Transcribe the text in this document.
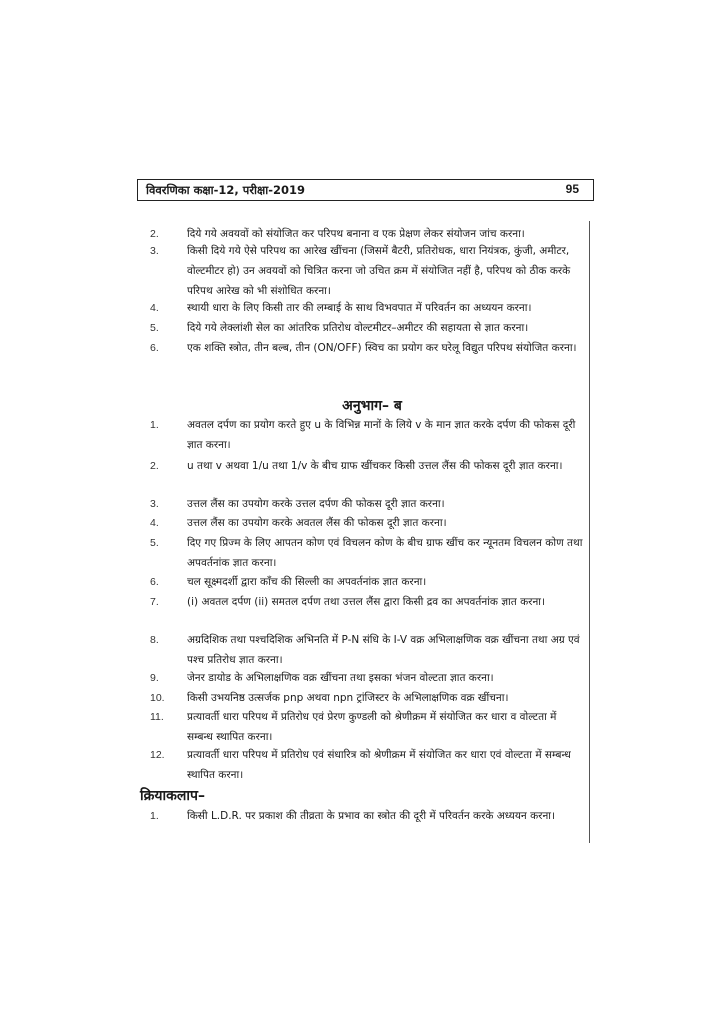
विवरणिका कक्षा-12, परीक्षा-2019	95
2.	दिये गये अवयवों को संयोजित कर परिपथ बनाना व एक प्रेक्षण लेकर संयोजन जांच करना।
3.	किसी दिये गये ऐसे परिपथ का आरेख खींचना (जिसमें बैटरी, प्रतिरोधक, धारा नियंत्रक, कुंजी, अमीटर, वोल्टमीटर हो) उन अवयवों को चित्रित करना जो उचित क्रम में संयोजित नहीं है, परिपथ को ठीक करके परिपथ आरेख को भी संशोधित करना।
4.	स्थायी धारा के लिए किसी तार की लम्बाई के साथ विभवपात में परिवर्तन का अध्ययन करना।
5.	दिये गये लेक्लांशी सेल का आंतरिक प्रतिरोध वोल्टमीटर–अमीटर की सहायता से ज्ञात करना।
6.	एक शक्ति स्त्रोत, तीन बल्ब, तीन (ON/OFF) स्विच का प्रयोग कर घरेलू विद्युत परिपथ संयोजित करना।
अनुभाग– ब
1.	अवतल दर्पण का प्रयोग करते हुए u के विभिन्न मानों के लिये v के मान ज्ञात करके दर्पण की फोकस दूरी ज्ञात करना।
2.	u तथा v अथवा 1/u तथा 1/v के बीच ग्राफ खींचकर किसी उत्तल लैंस की फोकस दूरी ज्ञात करना।
3.	उत्तल लैंस का उपयोग करके उत्तल दर्पण की फोकस दूरी ज्ञात करना।
4.	उत्तल लैंस का उपयोग करके अवतल लैंस की फोकस दूरी ज्ञात करना।
5.	दिए गए प्रिज्म के लिए आपतन कोण एवं विचलन कोण के बीच ग्राफ खींच कर न्यूनतम विचलन कोण तथा अपवर्तनांक ज्ञात करना।
6.	चल सूक्ष्मदर्शी द्वारा काँच की सिल्ली का अपवर्तनांक ज्ञात करना।
7.	(i) अवतल दर्पण (ii) समतल दर्पण तथा उत्तल लैंस द्वारा किसी द्रव का अपवर्तनांक ज्ञात करना।
8.	अग्रदिशिक तथा पश्चदिशिक अभिनति में P-N संधि के I-V वक्र अभिलाक्षणिक वक्र खींचना तथा अग्र एवं पश्च प्रतिरोध ज्ञात करना।
9.	जेनर डायोड के अभिलाक्षणिक वक्र खींचना तथा इसका भंजन वोल्टता ज्ञात करना।
10. किसी उभयनिष्ठ उत्सर्जक pnp अथवा npn ट्रांजिस्टर के अभिलाक्षणिक वक्र खींचना।
11. प्रत्यावर्ती धारा परिपथ में प्रतिरोध एवं प्रेरण कुण्डली को श्रेणीक्रम में संयोजित कर धारा व वोल्टता में सम्बन्ध स्थापित करना।
12. प्रत्यावर्ती धारा परिपथ में प्रतिरोध एवं संधारित्र को श्रेणीक्रम में संयोजित कर धारा एवं वोल्टता में सम्बन्ध स्थापित करना।
क्रियाकलाप–
1.	किसी L.D.R. पर प्रकाश की तीव्रता के प्रभाव का स्त्रोत की दूरी में परिवर्तन करके अध्ययन करना।
